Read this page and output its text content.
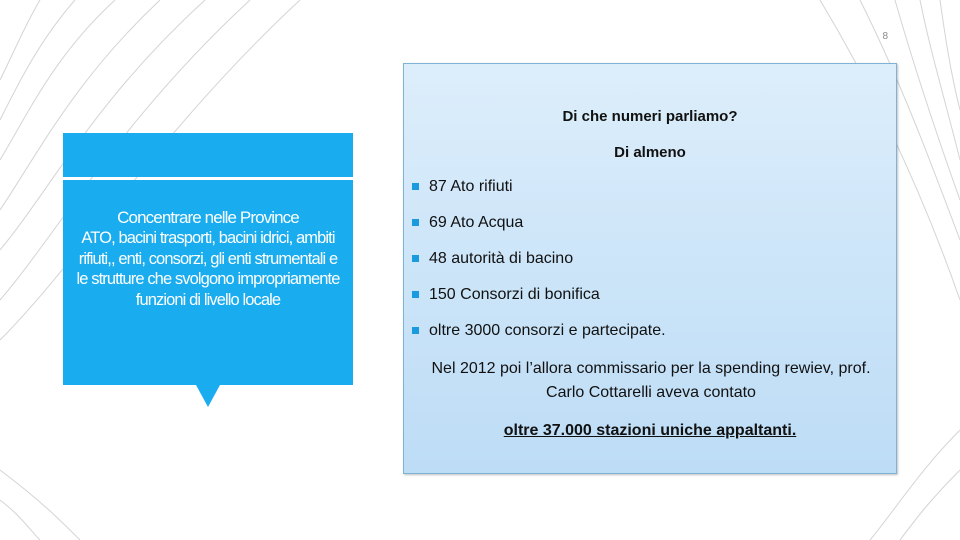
8
Concentrare nelle Province
ATO, bacini trasporti, bacini idrici, ambiti rifiuti,, enti, consorzi, gli enti strumentali e le strutture che svolgono impropriamente funzioni di livello locale
Di che numeri parliamo?
Di almeno
87 Ato rifiuti
69 Ato Acqua
48 autorità di bacino
150 Consorzi di bonifica
oltre 3000 consorzi e partecipate.
Nel 2012 poi l’allora commissario per la spending rewiev, prof. Carlo Cottarelli aveva contato
oltre 37.000 stazioni uniche appaltanti.
